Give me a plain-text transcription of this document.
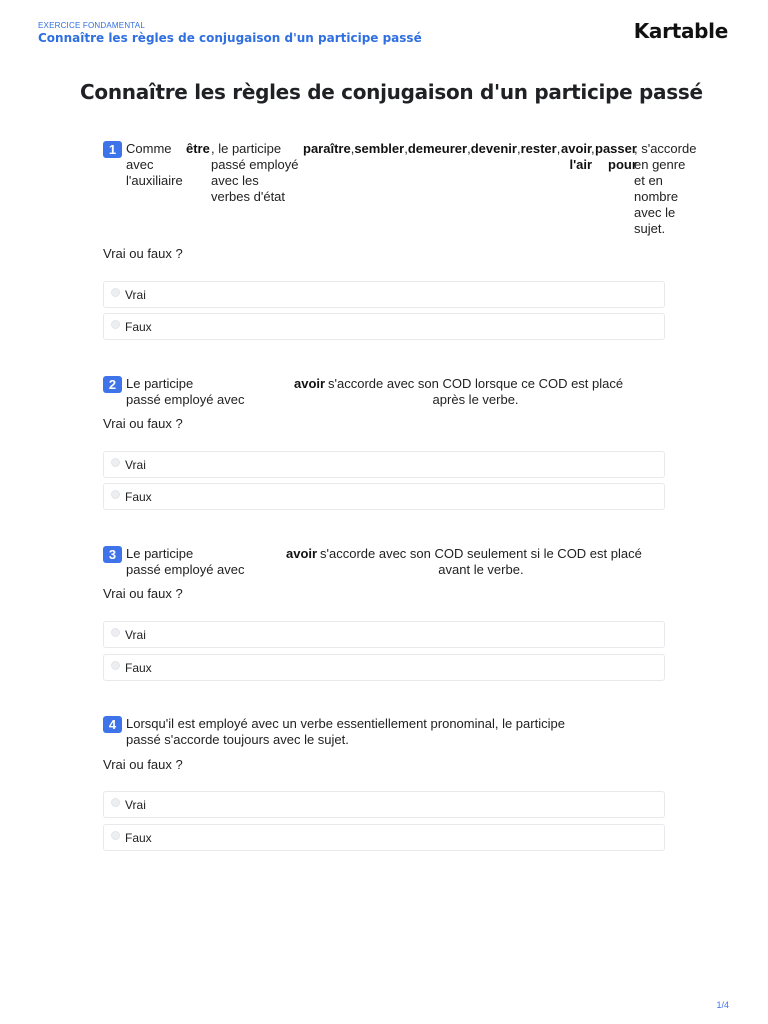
EXERCICE FONDAMENTAL
Connaître les règles de conjugaison d'un participe passé	Kartable
Connaître les règles de conjugaison d'un participe passé
1 Comme
avec
l'auxiliaire
être , le participe
passé employé
avec les
verbes d'état
paraître,sembler,demeurer,devenir,rester, avoir
l'air
, passer
pour
, s'accorde
en genre
et en
nombre
avec le
sujet.
Vrai ou faux ?
Vrai
Faux
2 Le participe
passé employé avec
avoir s'accorde avec son COD lorsque ce COD est placé
après le verbe.
Vrai ou faux ?
Vrai
Faux
3 Le participe
passé employé avec
avoir s'accorde avec son COD seulement si le COD est placé
avant le verbe.
Vrai ou faux ?
Vrai
Faux
4 Lorsqu'il est employé avec un verbe essentiellement pronominal, le participe
passé s'accorde toujours avec le sujet.
Vrai ou faux ?
Vrai
Faux
1/4
